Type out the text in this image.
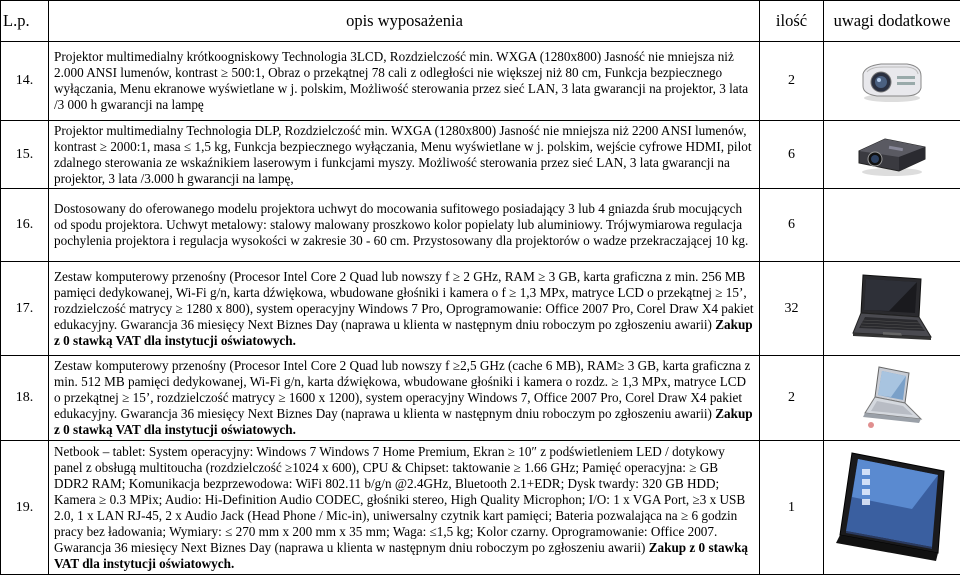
L.p.	opis wyposażenia	ilość	uwagi dodatkowe
14.	Projektor multimedialny krótkoogniskowy Technologia 3LCD, Rozdzielczość min. WXGA (1280x800) Jasność nie mniejsza niż 2.000 ANSI lumenów, kontrast ≥ 500:1, Obraz o przekątnej 78 cali z odległości nie większej niż 80 cm, Funkcja bezpiecznego wyłączania, Menu ekranowe wyświetlane w j. polskim, Możliwość sterowania przez sieć LAN, 3 lata gwarancji na projektor, 3 lata /3 000 h gwarancji na lampę	2	

15.	Projektor multimedialny Technologia DLP, Rozdzielczość min. WXGA (1280x800) Jasność nie mniejsza niż 2200 ANSI lumenów, kontrast ≥ 2000:1, masa ≤ 1,5 kg, Funkcja bezpiecznego wyłączania, Menu wyświetlane w j. polskim, wejście cyfrowe HDMI, pilot zdalnego sterowania ze wskaźnikiem laserowym i funkcjami myszy. Możliwość sterowania przez sieć LAN, 3 lata gwarancji na projektor, 3 lata /3.000 h gwarancji na lampę,	6	

16.	Dostosowany do oferowanego modelu projektora uchwyt do mocowania sufitowego posiadający 3 lub 4 gniazda śrub mocujących od spodu projektora. Uchwyt metalowy: stalowy malowany proszkowo kolor popielaty lub aluminiowy. Trójwymiarowa regulacja pochylenia projektora i regulacja wysokości w zakresie 30 - 60 cm. Przystosowany dla projektorów o wadze przekraczającej 10 kg.	6	
17.	Zestaw komputerowy przenośny (Procesor Intel Core 2 Quad lub nowszy f ≥ 2 GHz, RAM ≥ 3 GB, karta graficzna z min. 256 MB pamięci dedykowanej, Wi-Fi g/n, karta dźwiękowa, wbudowane głośniki i kamera o f ≥ 1,3 MPx, matryce LCD o przekątnej ≥ 15’, rozdzielczość matrycy ≥ 1280 x 800), system operacyjny Windows 7 Pro, Oprogramowanie: Office 2007 Pro, Corel Draw X4 pakiet edukacyjny. Gwarancja 36 miesięcy Next Biznes Day (naprawa u klienta w następnym dniu roboczym po zgłoszeniu awarii) Zakup z 0 stawką VAT dla instytucji oświatowych.	32	

18.	Zestaw komputerowy przenośny (Procesor Intel Core 2 Quad lub nowszy f ≥2,5 GHz (cache 6 MB), RAM≥ 3 GB, karta graficzna z min. 512 MB pamięci dedykowanej, Wi-Fi g/n, karta dźwiękowa, wbudowane głośniki i kamera o rozdz. ≥ 1,3 MPx, matryce LCD o przekątnej ≥ 15’, rozdzielczość matrycy ≥ 1600 x 1200), system operacyjny Windows 7, Office 2007 Pro, Corel Draw X4 pakiet edukacyjny. Gwarancja 36 miesięcy Next Biznes Day (naprawa u klienta w następnym dniu roboczym po zgłoszeniu awarii) Zakup z 0 stawką VAT dla instytucji oświatowych.	2	

19.	Netbook – tablet: System operacyjny: Windows 7 Windows 7 Home Premium, Ekran ≥ 10″ z podświetleniem LED / dotykowy panel z obsługą multitoucha (rozdzielczość ≥1024 x 600), CPU & Chipset: taktowanie ≥ 1.66 GHz; Pamięć operacyjna: ≥ GB DDR2 RAM; Komunikacja bezprzewodowa: WiFi 802.11 b/g/n @2.4GHz, Bluetooth 2.1+EDR; Dysk twardy: 320 GB HDD; Kamera ≥ 0.3 MPix; Audio: Hi-Definition Audio CODEC, głośniki stereo, High Quality Microphon; I/O: 1 x VGA Port, ≥3 x USB 2.0, 1 x LAN RJ-45, 2 x Audio Jack (Head Phone / Mic-in), uniwersalny czytnik kart pamięci; Bateria pozwalająca na ≥ 6 godzin pracy bez ładowania; Wymiary: ≤ 270 mm x 200 mm x 35 mm; Waga: ≤1,5 kg; Kolor czarny. Oprogramowanie: Office 2007. Gwarancja 36 miesięcy Next Biznes Day (naprawa u klienta w następnym dniu roboczym po zgłoszeniu awarii) Zakup z 0 stawką VAT dla instytucji oświatowych.	1	
